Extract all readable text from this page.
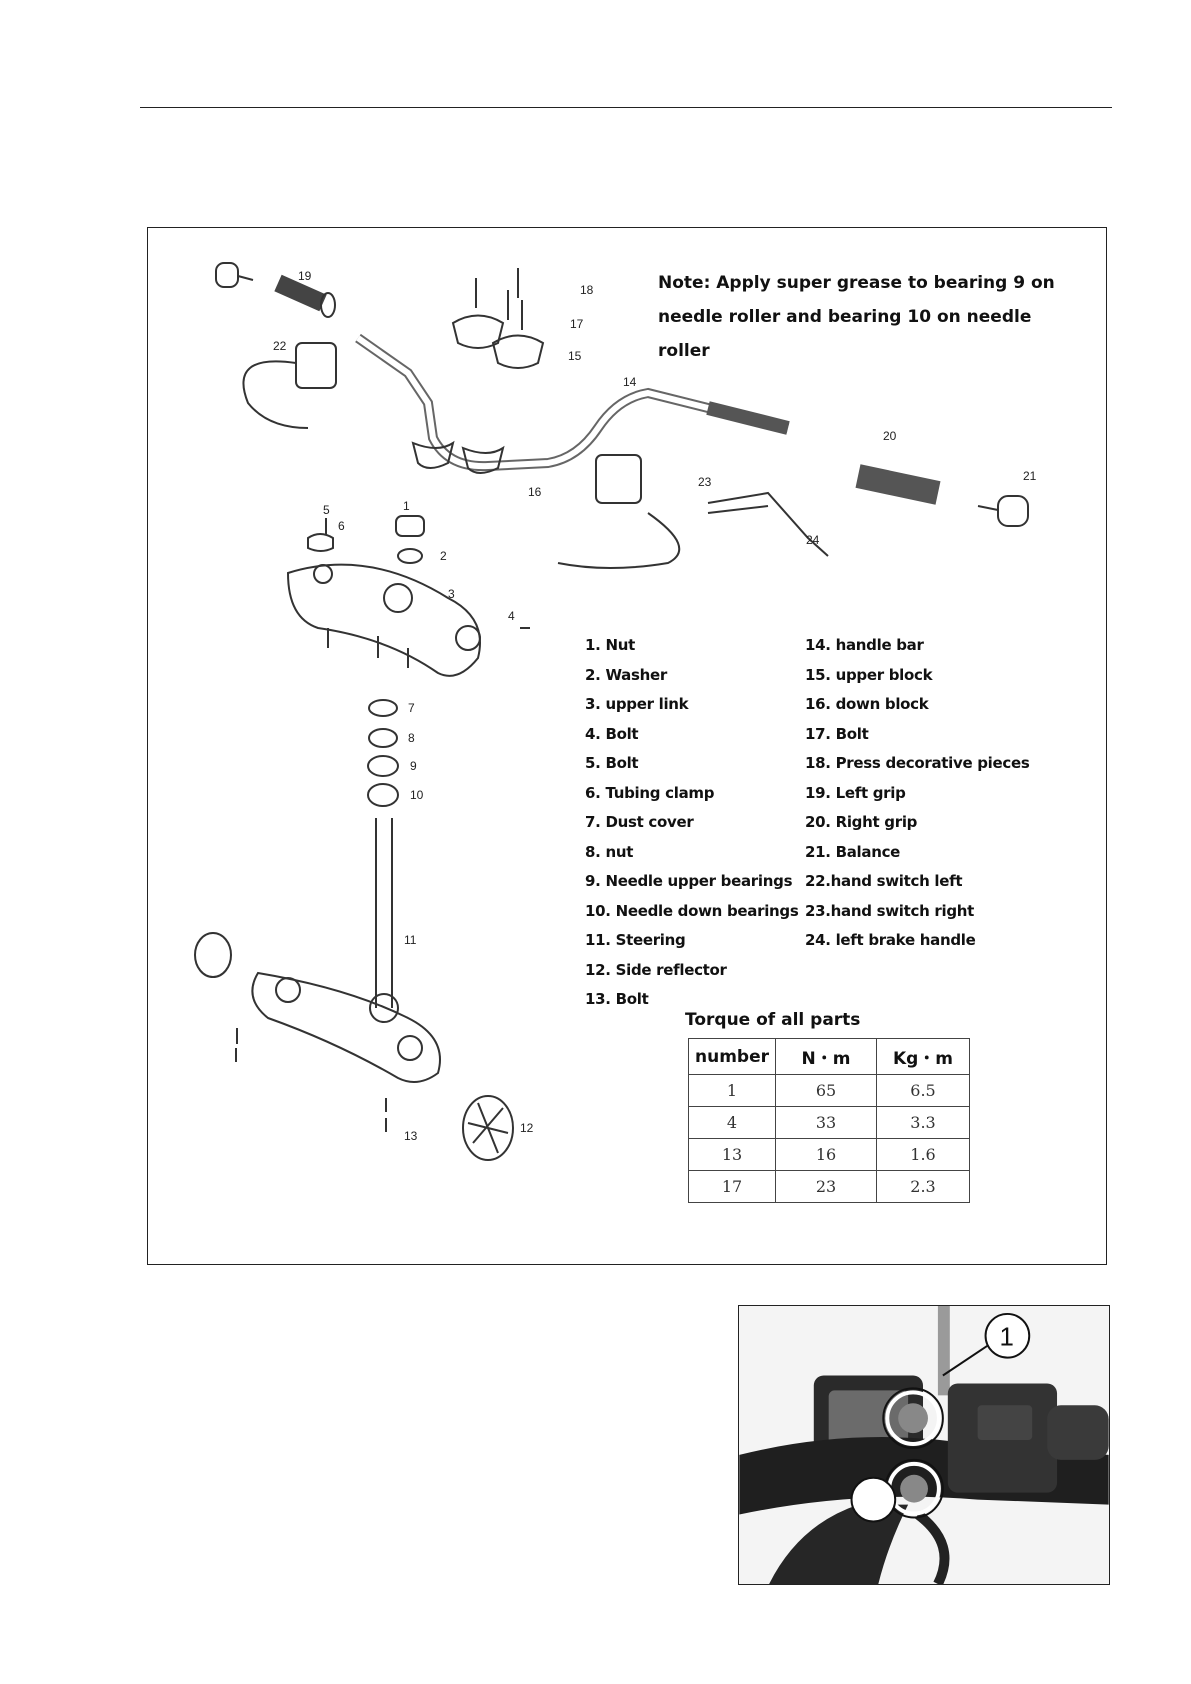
1
2
3
4
5
6
7
8
9
10
11
12
13
14
15
16
17
18
19
20
21
22
23
24
Note: Apply super grease to bearing 9 on needle roller and bearing 10 on needle roller
1. Nut
2. Washer
3. upper link
4. Bolt
5. Bolt
6. Tubing clamp
7. Dust cover
8. nut
9. Needle upper bearings
10. Needle down bearings
11. Steering
12. Side reflector
13. Bolt
14. handle bar
15. upper block
16. down block
17. Bolt
18. Press decorative pieces
19. Left grip
20. Right grip
21. Balance
22.hand switch left
23.hand switch right
24. left brake handle
Torque of all parts
number	N・m	Kg・m
1	65	6.5
4	33	3.3
13	16	1.6
17	23	2.3
1
